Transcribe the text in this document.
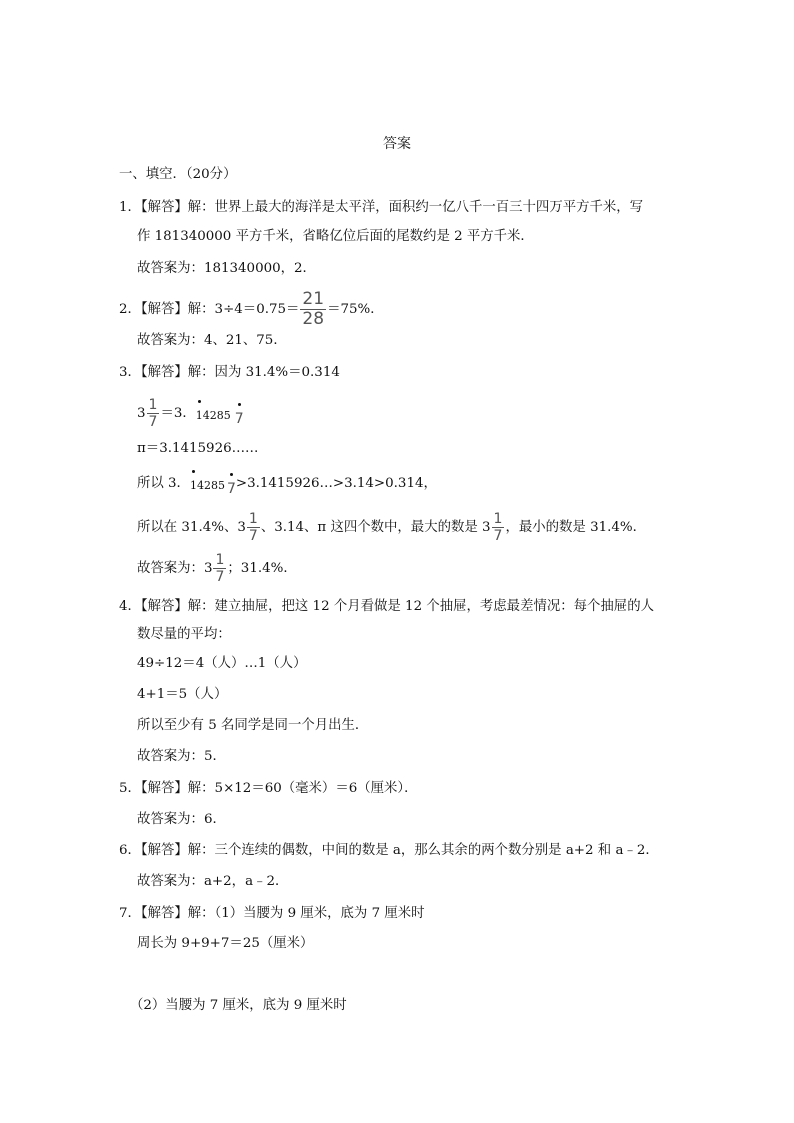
答案
一、填空．（20分）
1．【解答】解：世界上最大的海洋是太平洋，面积约一亿八千一百三十四万平方千米，写
作 181340000 平方千米，省略亿位后面的尾数约是 2 平方千米．
故答案为：181340000，2．
2．【解答】解：$3\div 4=0.75= \frac{21}{28} =75\%$．
故答案为：4、21、75．
3．【解答】解：因为 31.4%＝0.314
$3 \frac{1}{7} =3$．14285 7
π＝3.1415926……
所以 3．14285 7>3.1415926…>3.14>0.314，
所以在 31.4%、$3 \frac{1}{7}$ 、3.14、π 这四个数中，最大的数是 $3 \frac{1}{7}$ ，最小的数是 31.4%．
故答案为：$3 \frac{1}{7}$ ；31.4%．
4．【解答】解：建立抽屉，把这 12 个月看做是 12 个抽屉，考虑最差情况：每个抽屉的人
数尽量的平均：
49÷12＝4（人）…1（人）
4+1＝5（人）
所以至少有 5 名同学是同一个月出生．
故答案为：5．
5．【解答】解：5×12＝60（毫米）＝6（厘米）．
故答案为：6．
6．【解答】解：三个连续的偶数，中间的数是 a，那么其余的两个数分别是 a+2 和 a﹣2．
故答案为：a+2，a﹣2．
7．【解答】解：（1）当腰为 9 厘米，底为 7 厘米时
周长为 9+9+7＝25（厘米）
（2）当腰为 7 厘米，底为 9 厘米时
